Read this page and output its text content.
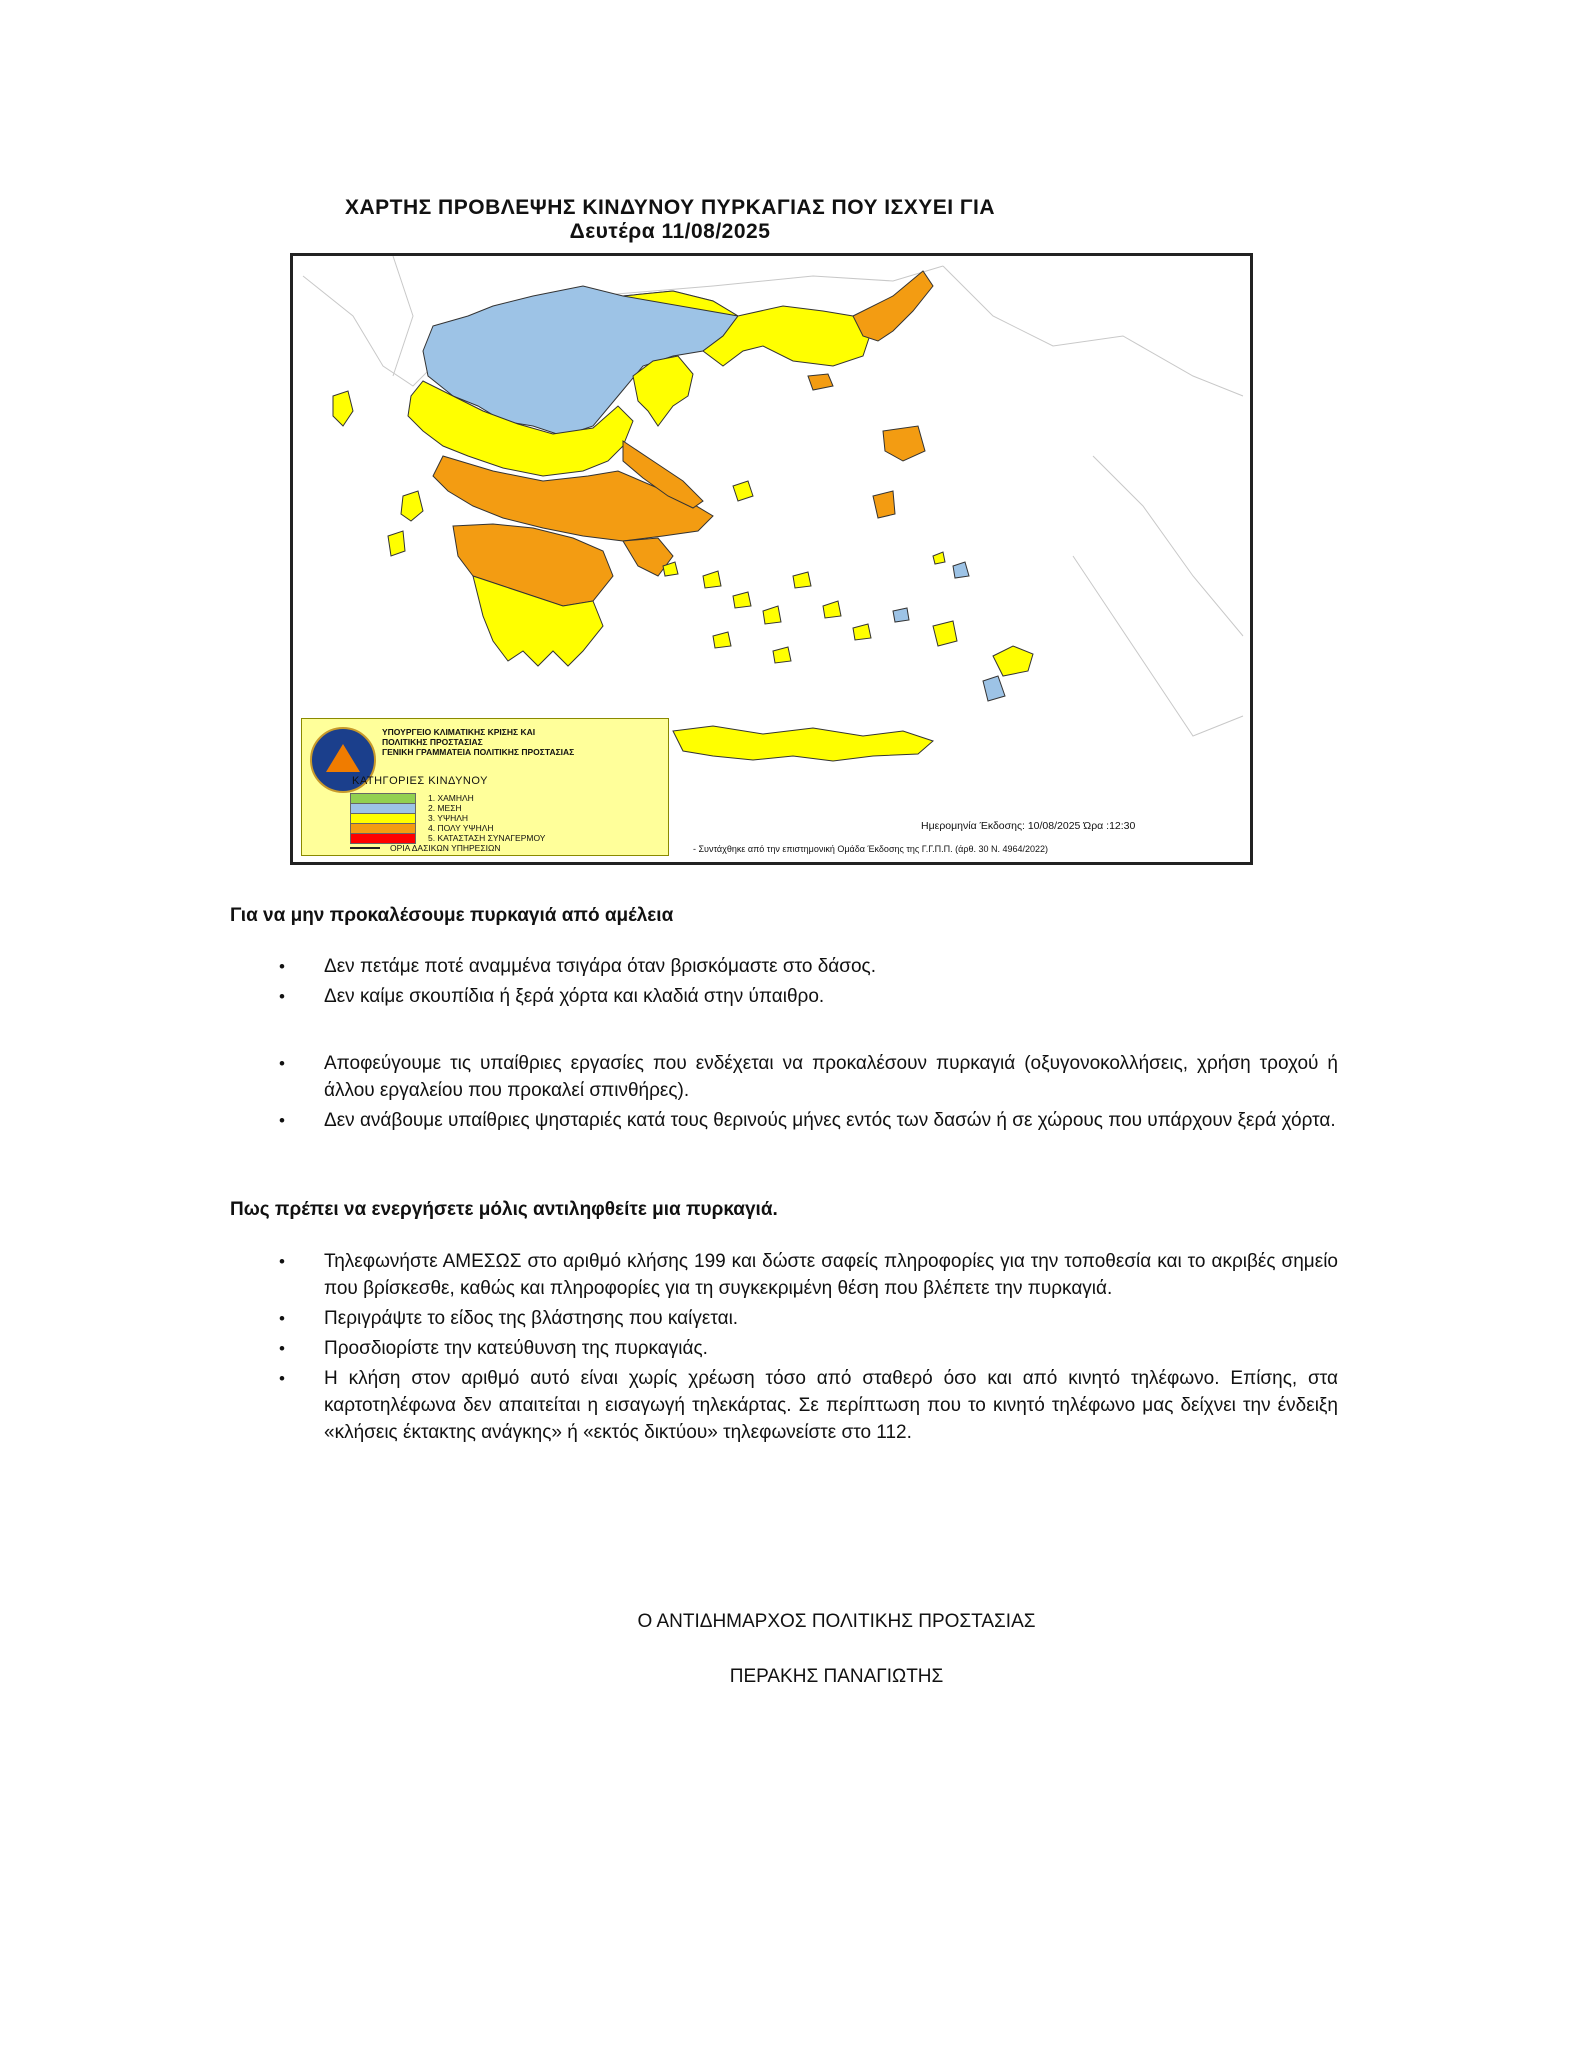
ΧΑΡΤΗΣ ΠΡΟΒΛΕΨΗΣ ΚΙΝΔΥΝΟΥ ΠΥΡΚΑΓΙΑΣ ΠΟΥ ΙΣΧΥΕΙ ΓΙΑ
Δευτέρα 11/08/2025
ΥΠΟΥΡΓΕΙΟ ΚΛΙΜΑΤΙΚΗΣ ΚΡΙΣΗΣ ΚΑΙ
ΠΟΛΙΤΙΚΗΣ ΠΡΟΣΤΑΣΙΑΣ
ΓΕΝΙΚΗ ΓΡΑΜΜΑΤΕΙΑ ΠΟΛΙΤΙΚΗΣ ΠΡΟΣΤΑΣΙΑΣ
ΚΑΤΗΓΟΡΙΕΣ ΚΙΝΔΥΝΟΥ
1. ΧΑΜΗΛΗ
2. ΜΕΣΗ
3. ΥΨΗΛΗ
4. ΠΟΛΥ ΥΨΗΛΗ
5. ΚΑΤΑΣΤΑΣΗ ΣΥΝΑΓΕΡΜΟΥ
ΟΡΙΑ ΔΑΣΙΚΩΝ ΥΠΗΡΕΣΙΩΝ
Ημερομηνία Έκδοσης: 10/08/2025 Ώρα :12:30
- Συντάχθηκε από την επιστημονική Ομάδα Έκδοσης της Γ.Γ.Π.Π. (άρθ. 30 Ν. 4964/2022)
Για να μην προκαλέσουμε πυρκαγιά από αμέλεια
• Δεν πετάμε ποτέ αναμμένα τσιγάρα όταν βρισκόμαστε στο δάσος.
• Δεν καίμε σκουπίδια ή ξερά χόρτα και κλαδιά στην ύπαιθρο.
• Αποφεύγουμε τις υπαίθριες εργασίες που ενδέχεται να προκαλέσουν πυρκαγιά (οξυγονοκολλήσεις, χρήση τροχού ή άλλου εργαλείου που προκαλεί σπινθήρες).
• Δεν ανάβουμε υπαίθριες ψησταριές κατά τους θερινούς μήνες εντός των δασών ή σε χώρους που υπάρχουν ξερά χόρτα.
Πως πρέπει να ενεργήσετε μόλις αντιληφθείτε μια πυρκαγιά.
• Τηλεφωνήστε ΑΜΕΣΩΣ στο αριθμό κλήσης 199 και δώστε σαφείς πληροφορίες για την τοποθεσία και το ακριβές σημείο που βρίσκεσθε, καθώς και πληροφορίες για τη συγκεκριμένη θέση που βλέπετε την πυρκαγιά.
• Περιγράψτε το είδος της βλάστησης που καίγεται.
• Προσδιορίστε την κατεύθυνση της πυρκαγιάς.
• Η κλήση στον αριθμό αυτό είναι χωρίς χρέωση τόσο από σταθερό όσο και από κινητό τηλέφωνο. Επίσης, στα καρτοτηλέφωνα δεν απαιτείται η εισαγωγή τηλεκάρτας. Σε περίπτωση που το κινητό τηλέφωνο μας δείχνει την ένδειξη «κλήσεις έκτακτης ανάγκης» ή «εκτός δικτύου» τηλεφωνείστε στο 112.
Ο ΑΝΤΙΔΗΜΑΡΧΟΣ ΠΟΛΙΤΙΚΗΣ ΠΡΟΣΤΑΣΙΑΣ
ΠΕΡΑΚΗΣ ΠΑΝΑΓΙΩΤΗΣ
